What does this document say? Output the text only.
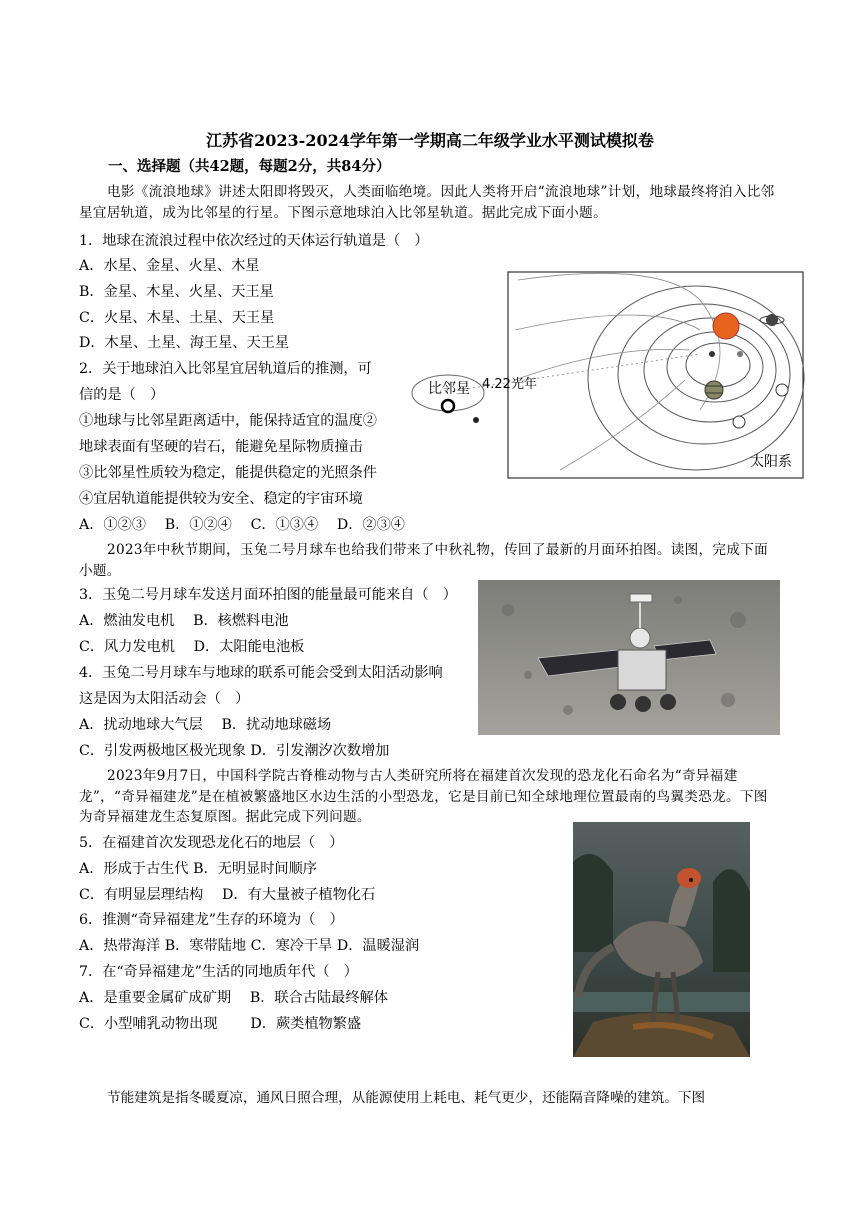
江苏省2023-2024学年第一学期高二年级学业水平测试模拟卷
一、选择题（共42题，每题2分，共84分）
电影《流浪地球》讲述太阳即将毁灭，人类面临绝境。因此人类将开启“流浪地球”计划，地球最终将泊入比邻星宜居轨道，成为比邻星的行星。下图示意地球泊入比邻星轨道。据此完成下面小题。
1．地球在流浪过程中依次经过的天体运行轨道是（　）
A．水星、金星、火星、木星
B．金星、木星、火星、天王星
C．火星、木星、土星、天王星
D．木星、土星、海王星、天王星
2．关于地球泊入比邻星宜居轨道后的推测，可
信的是（　）
①地球与比邻星距离适中，能保持适宜的温度②
地球表面有坚硬的岩石，能避免星际物质撞击
③比邻星性质较为稳定，能提供稳定的光照条件
④宜居轨道能提供较为安全、稳定的宇宙环境
A．①②③　 B．①②④　 C．①③④　 D．②③④
比邻星 4.22光年
太阳系
2023年中秋节期间，玉兔二号月球车也给我们带来了中秋礼物，传回了最新的月面环拍图。读图，完成下面小题。
3．玉兔二号月球车发送月面环拍图的能量最可能来自（　）
A．燃油发电机　 B．核燃料电池
C．风力发电机　 D．太阳能电池板
4．玉兔二号月球车与地球的联系可能会受到太阳活动影响
这是因为太阳活动会（　）
A．扰动地球大气层　 B．扰动地球磁场
C．引发两极地区极光现象 D．引发潮汐次数增加
2023年9月7日，中国科学院古脊椎动物与古人类研究所将在福建首次发现的恐龙化石命名为“奇异福建龙”，“奇异福建龙”是在植被繁盛地区水边生活的小型恐龙，它是目前已知全球地理位置最南的鸟翼类恐龙。下图为奇异福建龙生态复原图。据此完成下列问题。
5．在福建首次发现恐龙化石的地层（　）
A．形成于古生代 B．无明显时间顺序
C．有明显层理结构　 D．有大量被子植物化石
6．推测“奇异福建龙”生存的环境为（　）
A．热带海洋 B．寒带陆地 C．寒冷干旱 D．温暖湿润
7．在“奇异福建龙”生活的同地质年代（　）
A．是重要金属矿成矿期　 B．联合古陆最终解体
C．小型哺乳动物出现　　 D．蕨类植物繁盛
节能建筑是指冬暖夏凉，通风日照合理，从能源使用上耗电、耗气更少，还能隔音降噪的建筑。下图
